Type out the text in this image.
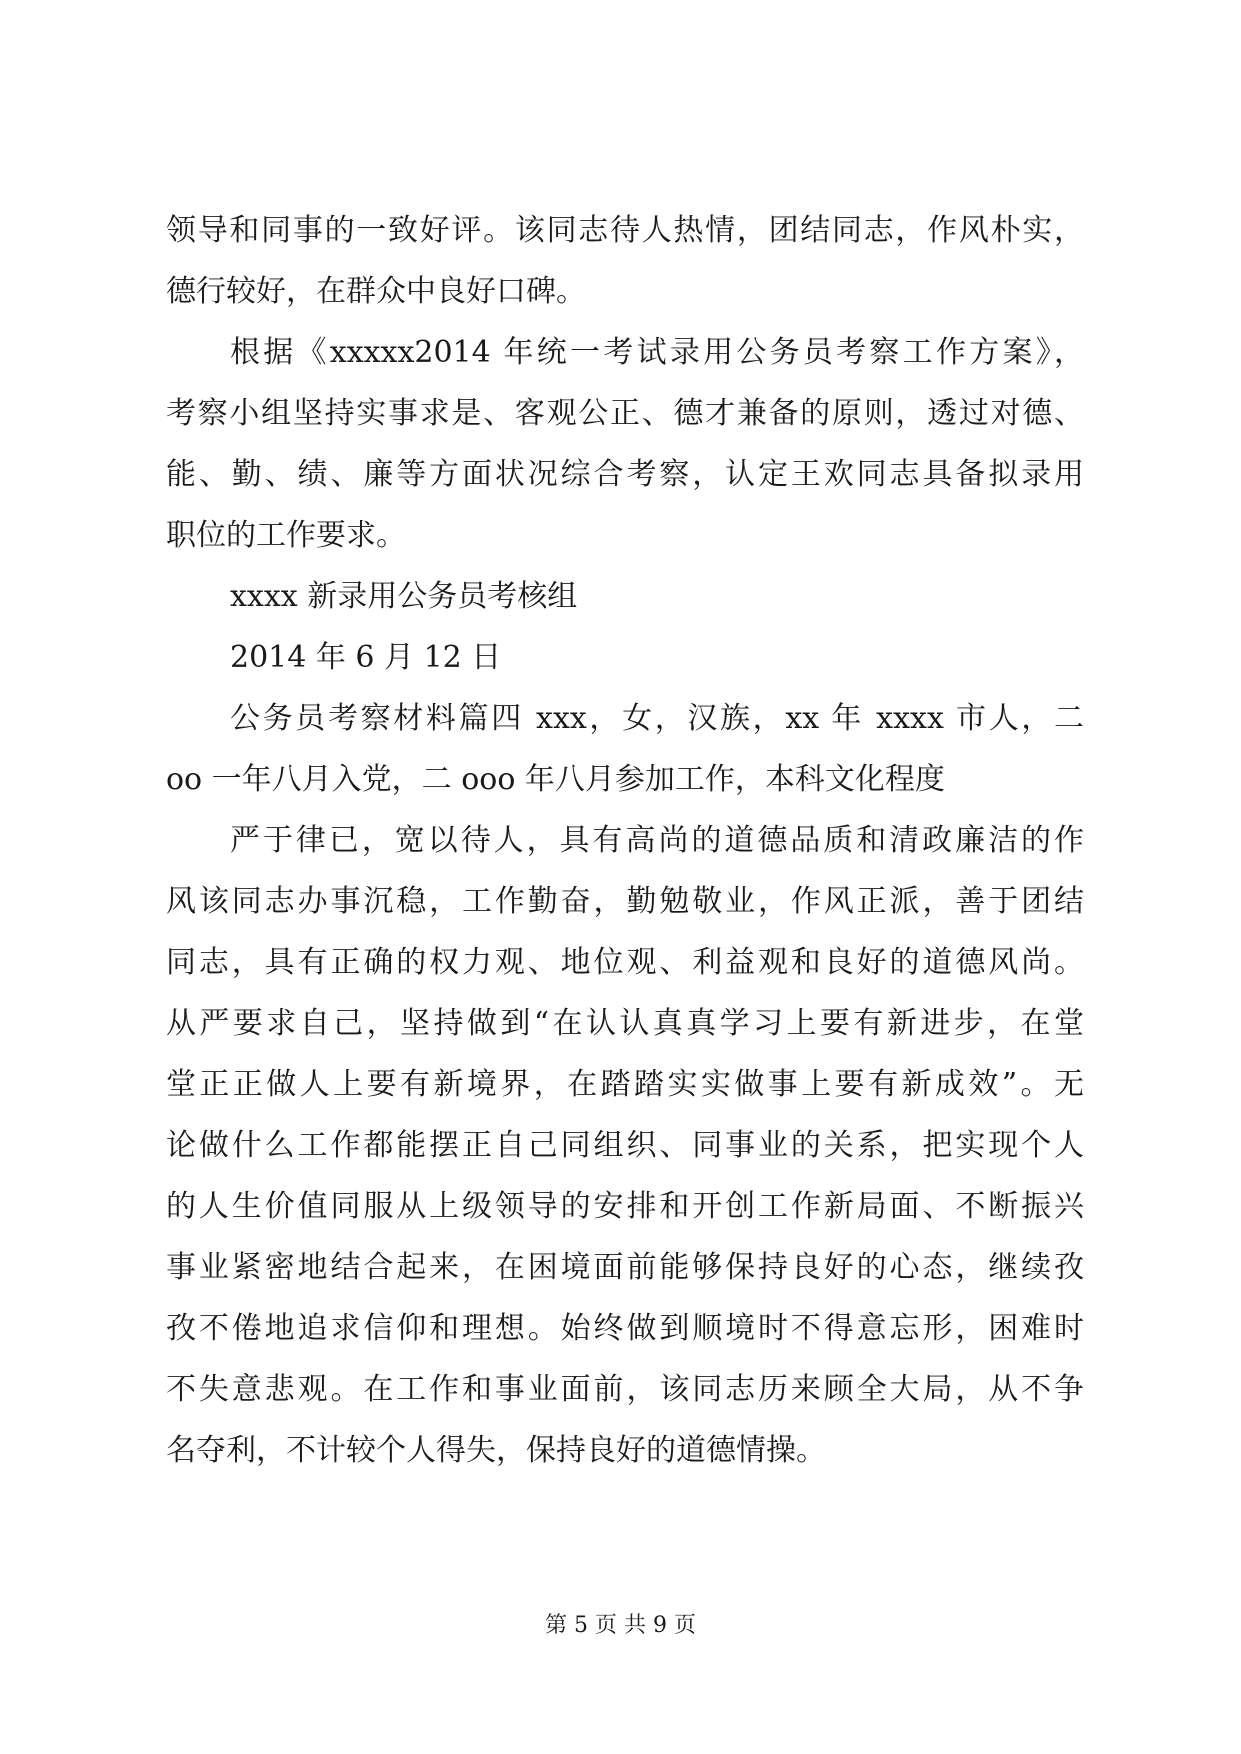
领导和同事的一致好评。该同志待人热情，团结同志，作风朴实，
德行较好，在群众中良好口碑。
根据《xxxxx2014 年统一考试录用公务员考察工作方案》，
考察小组坚持实事求是、客观公正、德才兼备的原则，透过对德、
能、勤、绩、廉等方面状况综合考察，认定王欢同志具备拟录用
职位的工作要求。
xxxx 新录用公务员考核组
2014 年 6 月 12 日
公务员考察材料篇四 xxx，女，汉族，xx 年 xxxx 市人，二
oo 一年八月入党，二 ooo 年八月参加工作，本科文化程度
严于律已，宽以待人，具有高尚的道德品质和清政廉洁的作
风该同志办事沉稳，工作勤奋，勤勉敬业，作风正派，善于团结
同志，具有正确的权力观、地位观、利益观和良好的道德风尚。
从严要求自己，坚持做到“在认认真真学习上要有新进步，在堂
堂正正做人上要有新境界，在踏踏实实做事上要有新成效”。无
论做什么工作都能摆正自己同组织、同事业的关系，把实现个人
的人生价值同服从上级领导的安排和开创工作新局面、不断振兴
事业紧密地结合起来，在困境面前能够保持良好的心态，继续孜
孜不倦地追求信仰和理想。始终做到顺境时不得意忘形，困难时
不失意悲观。在工作和事业面前，该同志历来顾全大局，从不争
名夺利，不计较个人得失，保持良好的道德情操。
第 5 页 共 9 页
